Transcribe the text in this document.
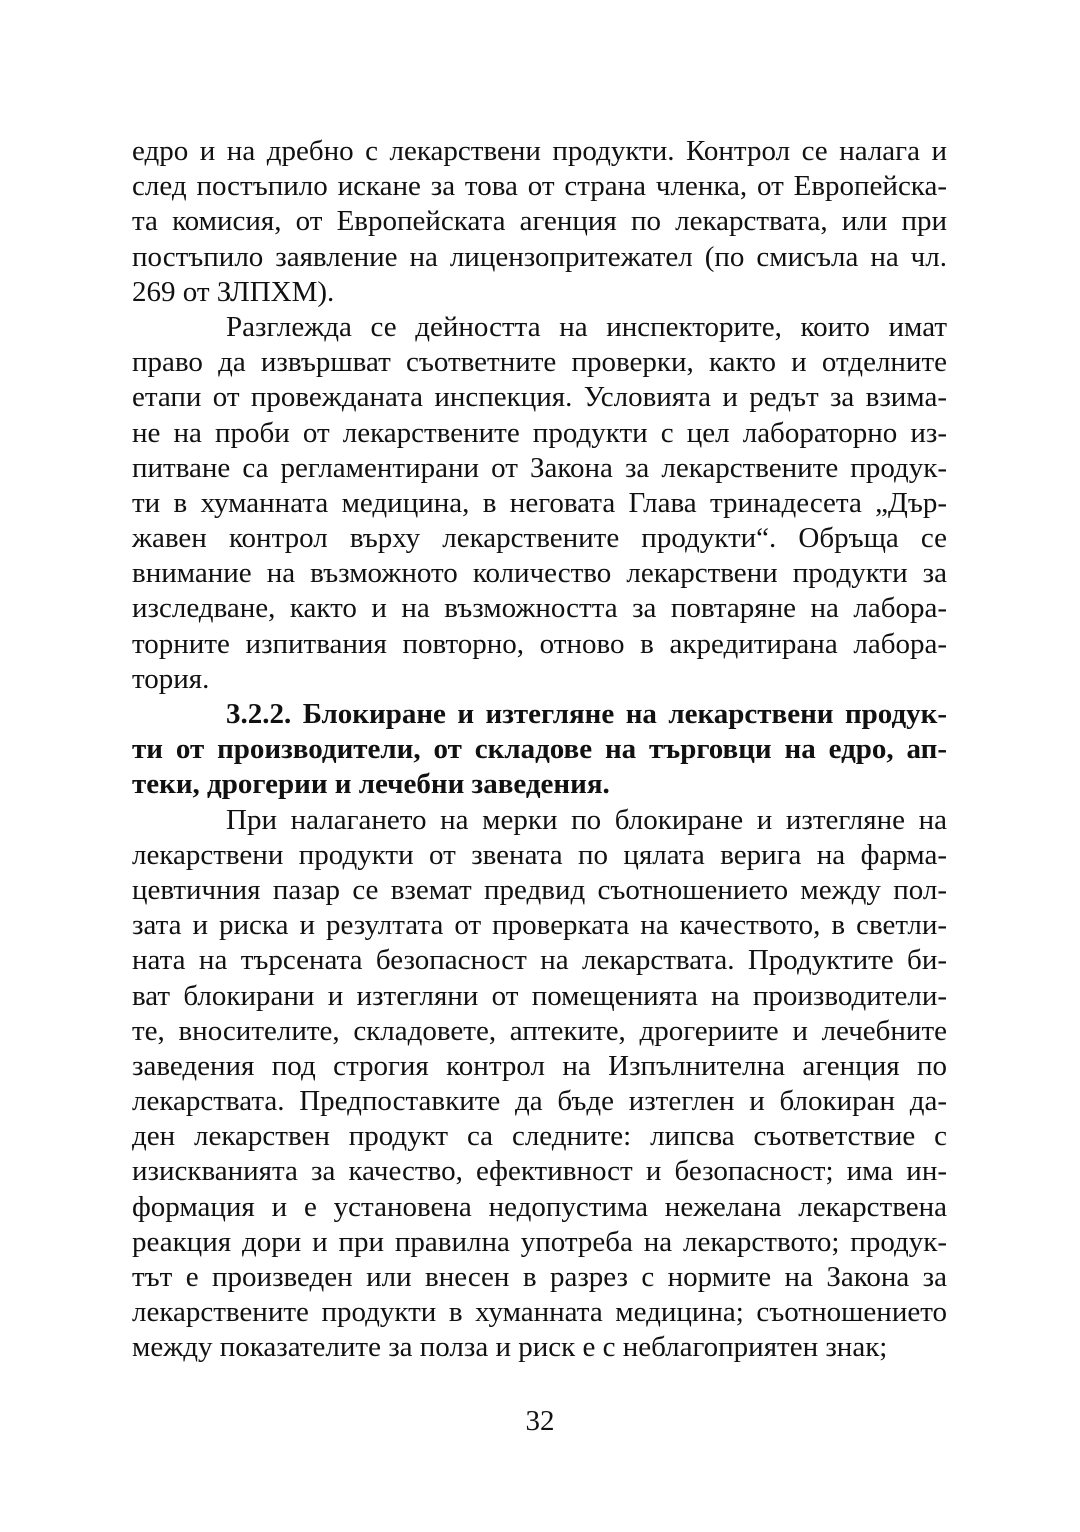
едро и на дребно с лекарствени продукти. Контрол се налага и
след постъпило искане за това от страна членка, от Европейска-
та комисия, от Европейската агенция по лекарствата, или при
постъпило заявление на лицензопритежател (по смисъла на чл.
269 от ЗЛПХМ).
Разглежда се дейността на инспекторите, които имат
право да извършват съответните проверки, както и отделните
етапи от провежданата инспекция. Условията и редът за взима-
не на проби от лекарствените продукти с цел лабораторно из-
питване са регламентирани от Закона за лекарствените продук-
ти в хуманната медицина, в неговата Глава тринадесета „Дър-
жавен контрол върху лекарствените продукти“. Обръща се
внимание на възможното количество лекарствени продукти за
изследване, както и на възможността за повтаряне на лабора-
торните изпитвания повторно, отново в акредитирана лабора-
тория.
3.2.2. Блокиране и изтегляне на лекарствени продук-
ти от производители, от складове на търговци на едро, ап-
теки, дрогерии и лечебни заведения.
При налагането на мерки по блокиране и изтегляне на
лекарствени продукти от звената по цялата верига на фарма-
цевтичния пазар се вземат предвид съотношението между пол-
зата и риска и резултата от проверката на качеството, в светли-
ната на търсената безопасност на лекарствата. Продуктите би-
ват блокирани и изтегляни от помещенията на производители-
те, вносителите, складовете, аптеките, дрогериите и лечебните
заведения под строгия контрол на Изпълнителна агенция по
лекарствата. Предпоставките да бъде изтеглен и блокиран да-
ден лекарствен продукт са следните: липсва съответствие с
изискванията за качество, ефективност и безопасност; има ин-
формация и е установена недопустима нежелана лекарствена
реакция дори и при правилна употреба на лекарството; продук-
тът е произведен или внесен в разрез с нормите на Закона за
лекарствените продукти в хуманната медицина; съотношението
между показателите за полза и риск е с неблагоприятен знак;
32
